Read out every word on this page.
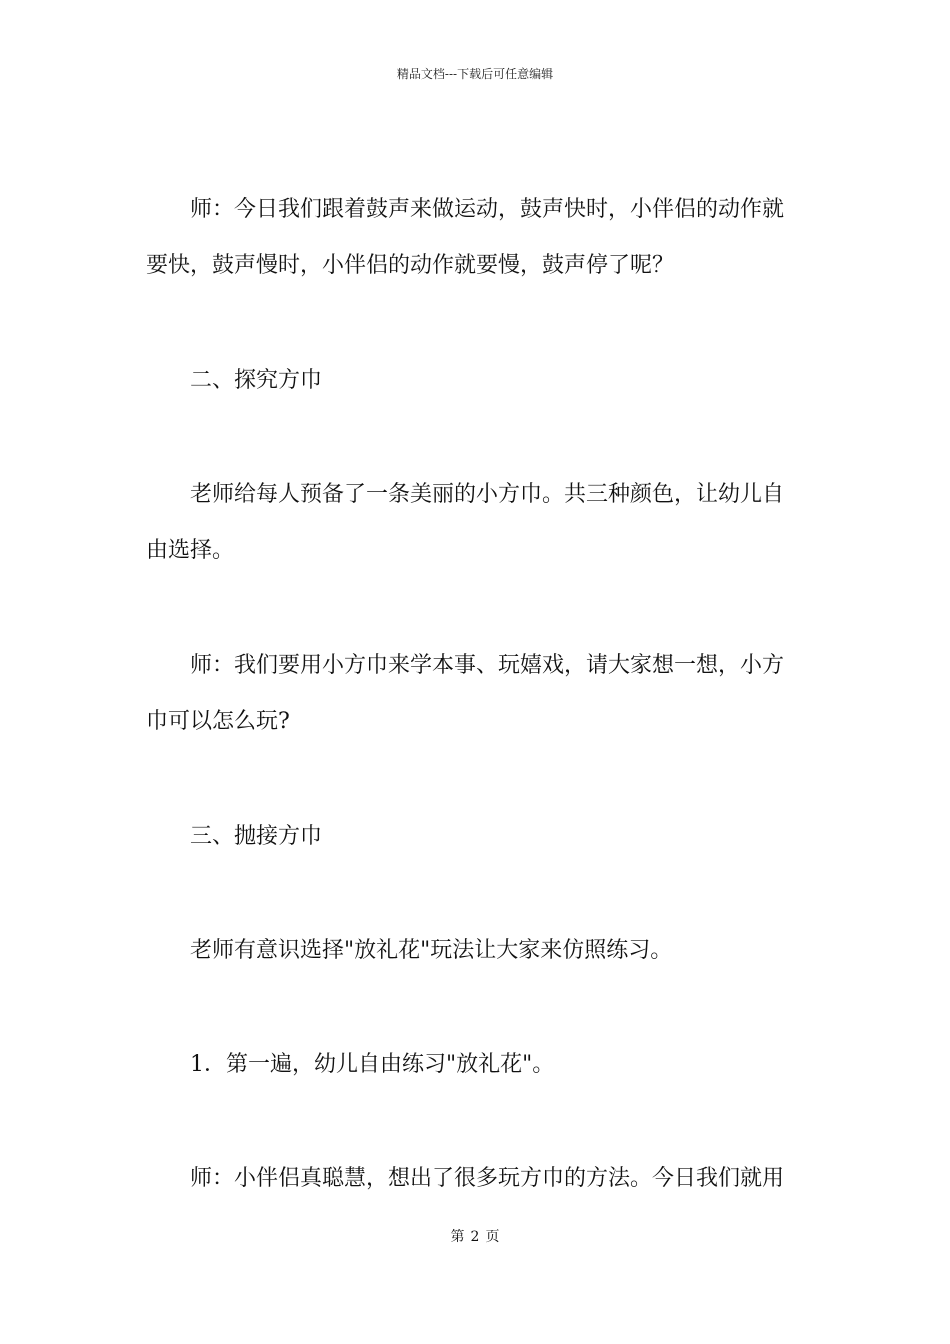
精品文档---下载后可任意编辑

师：今日我们跟着鼓声来做运动，鼓声快时，小伴侣的动作就
要快，鼓声慢时，小伴侣的动作就要慢，鼓声停了呢？

二、探究方巾

老师给每人预备了一条美丽的小方巾。共三种颜色，让幼儿自
由选择。

师：我们要用小方巾来学本事、玩嬉戏，请大家想一想，小方
巾可以怎么玩?

三、抛接方巾

老师有意识选择"放礼花"玩法让大家来仿照练习。

1．第一遍，幼儿自由练习"放礼花"。

师：小伴侣真聪慧，想出了很多玩方巾的方法。今日我们就用

第 2 页
